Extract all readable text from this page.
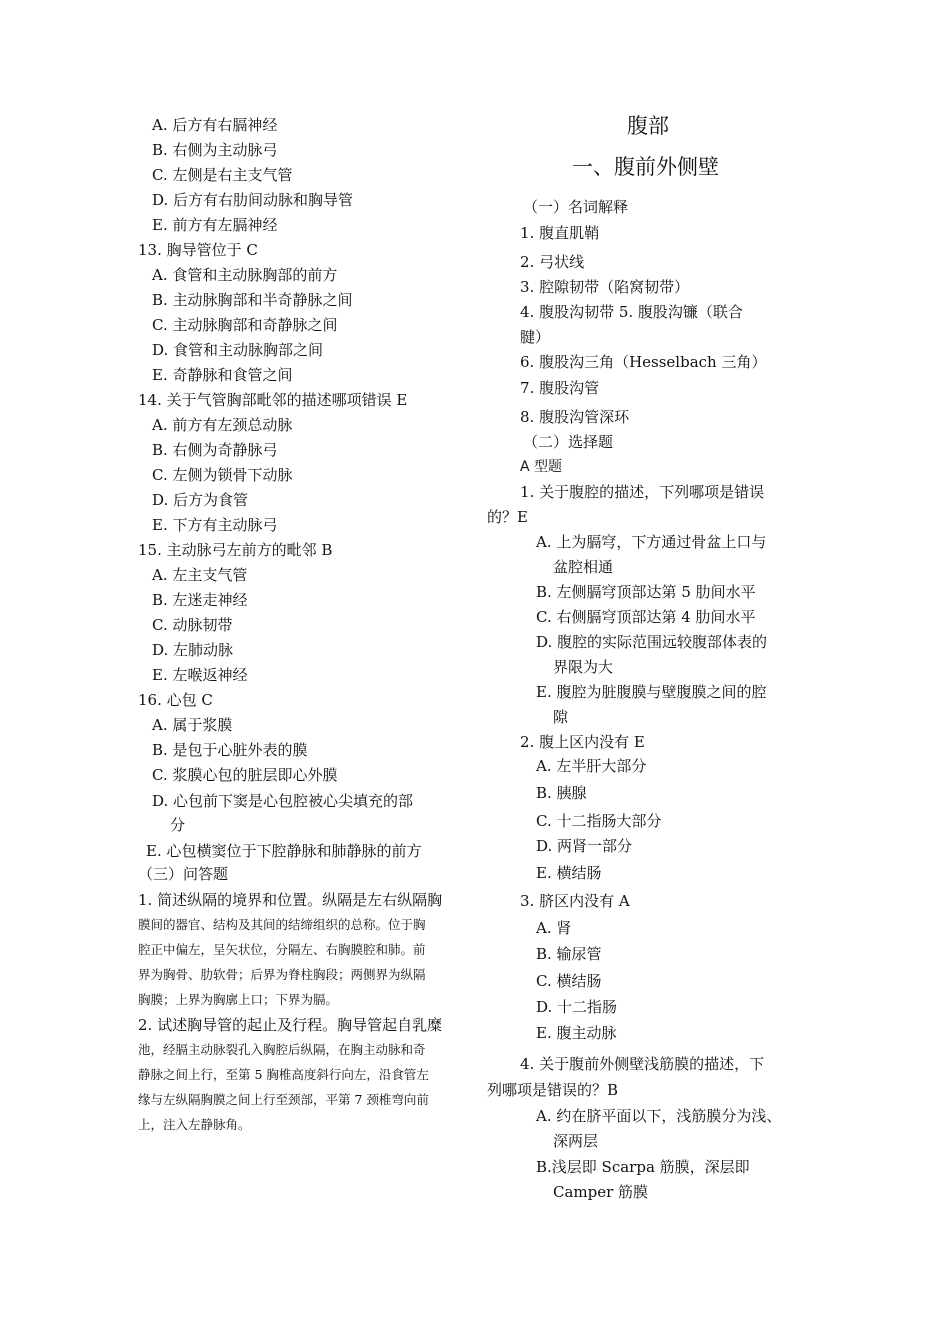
A. 后方有右膈神经
B. 右侧为主动脉弓
C. 左侧是右主支气管
D. 后方有右肋间动脉和胸导管
E. 前方有左膈神经
13. 胸导管位于 C
A. 食管和主动脉胸部的前方
B. 主动脉胸部和半奇静脉之间
C. 主动脉胸部和奇静脉之间
D. 食管和主动脉胸部之间
E. 奇静脉和食管之间
14. 关于气管胸部毗邻的描述哪项错误 E
A. 前方有左颈总动脉
B. 右侧为奇静脉弓
C. 左侧为锁骨下动脉
D. 后方为食管
E. 下方有主动脉弓
15. 主动脉弓左前方的毗邻 B
A. 左主支气管
B. 左迷走神经
C. 动脉韧带
D. 左肺动脉
E. 左喉返神经
16. 心包 C
A. 属于浆膜
B. 是包于心脏外表的膜
C. 浆膜心包的脏层即心外膜
D. 心包前下窦是心包腔被心尖填充的部
分
E. 心包横窦位于下腔静脉和肺静脉的前方
（三）问答题
1. 简述纵隔的境界和位置。纵隔是左右纵隔胸
膜间的器官、结构及其间的结缔组织的总称。位于胸
腔正中偏左，呈矢状位，分隔左、右胸膜腔和肺。前
界为胸骨、肋软骨；后界为脊柱胸段；两侧界为纵隔
胸膜；上界为胸廓上口；下界为膈。
2. 试述胸导管的起止及行程。胸导管起自乳糜
池，经膈主动脉裂孔入胸腔后纵隔，在胸主动脉和奇
静脉之间上行，至第 5 胸椎高度斜行向左，沿食管左
缘与左纵隔胸膜之间上行至颈部，平第 7 颈椎弯向前
上，注入左静脉角。
腹部
一、腹前外侧壁
（一）名词解释
1. 腹直肌鞘
2. 弓状线
3. 腔隙韧带（陷窝韧带）
4. 腹股沟韧带 5. 腹股沟镰（联合
腱）
6. 腹股沟三角（Hesselbach 三角）
7. 腹股沟管
8. 腹股沟管深环
（二）选择题
A 型题
1. 关于腹腔的描述，下列哪项是错误
的？E
A. 上为膈穹，下方通过骨盆上口与
盆腔相通
B. 左侧膈穹顶部达第 5 肋间水平
C. 右侧膈穹顶部达第 4 肋间水平
D. 腹腔的实际范围远较腹部体表的
界限为大
E. 腹腔为脏腹膜与壁腹膜之间的腔
隙
2. 腹上区内没有 E
A. 左半肝大部分
B. 胰腺
C. 十二指肠大部分
D. 两肾一部分
E. 横结肠
3. 脐区内没有 A
A. 肾
B. 输尿管
C. 横结肠
D. 十二指肠
E. 腹主动脉
4. 关于腹前外侧壁浅筋膜的描述，下
列哪项是错误的？B
A. 约在脐平面以下，浅筋膜分为浅、
深两层
B.浅层即 Scarpa 筋膜，深层即
Camper 筋膜
